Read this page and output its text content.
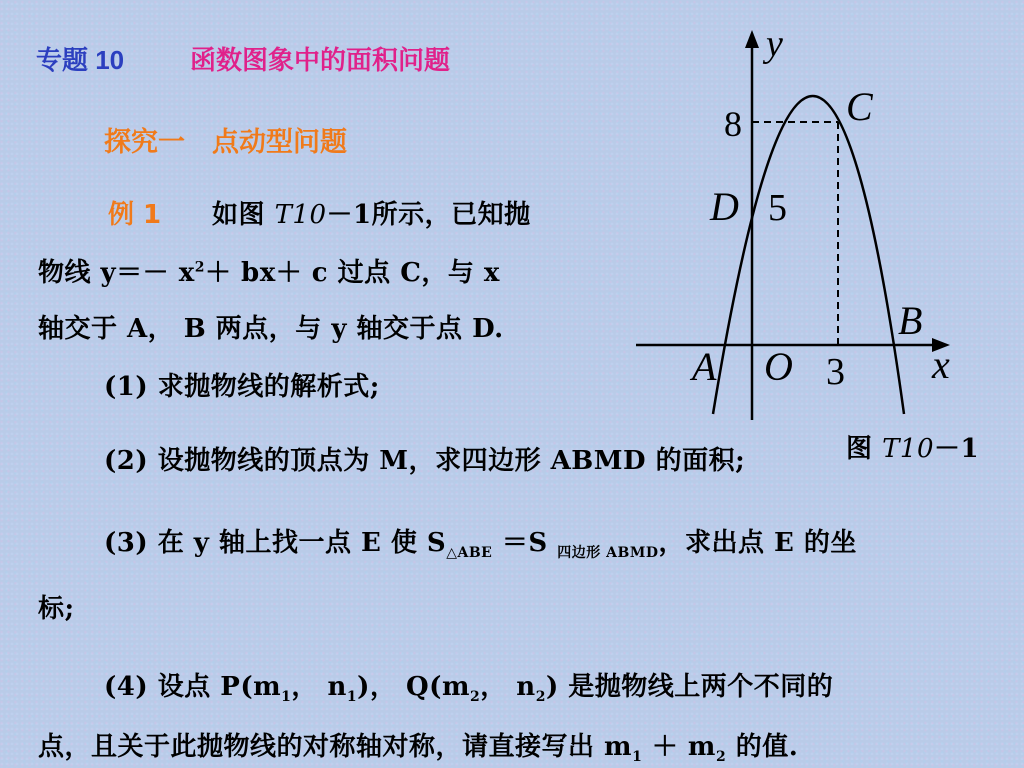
专题 10	函数图象中的面积问题
探究一　点动型问题
例 1 如图 T10－1所示，已知抛
物线 $y=- x^2+ bx+ c$ 过点 C，与 x
轴交于 A， B 两点，与 y 轴交于点 D.
(1) 求抛物线的解析式;
(2) 设抛物线的顶点为 M，求四边形 ABMD 的面积;
(3) 在 y 轴上找一点 E 使 $S_{\triangle ABE} =S$ $_{四边形 ABMD}$，求出点 E 的坐
标;
(4) 设点 $P(m_1$， $n_1$)， $Q(m_2$， $n_2$) 是抛物线上两个不同的
点，且关于此抛物线的对称轴对称，请直接写出 $m_1 + m_2$ 的值.
y
C
8
D 5
B
A O 3 x
图 T10－1
